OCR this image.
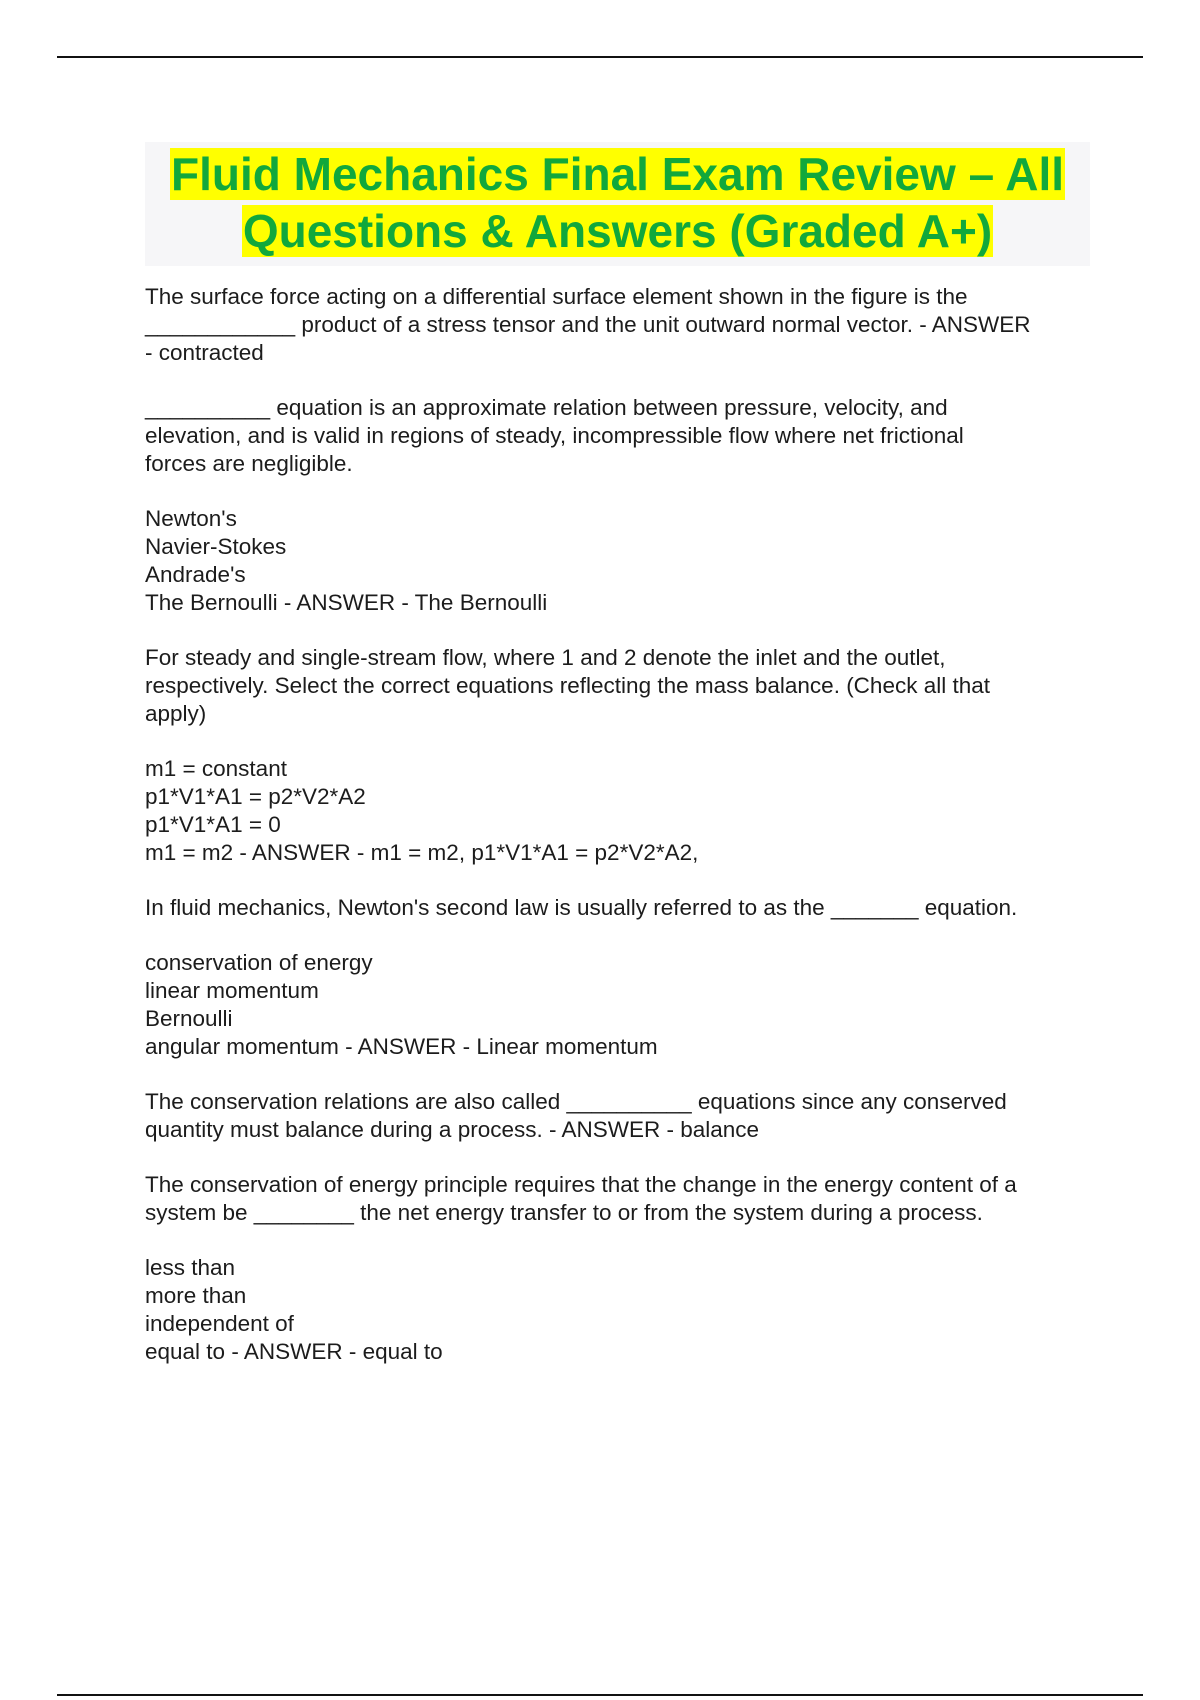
Fluid Mechanics Final Exam Review – All
Questions & Answers (Graded A+)
The surface force acting on a differential surface element shown in the figure is the
____________ product of a stress tensor and the unit outward normal vector. - ANSWER
- contracted
__________ equation is an approximate relation between pressure, velocity, and
elevation, and is valid in regions of steady, incompressible flow where net frictional
forces are negligible.
Newton's
Navier-Stokes
Andrade's
The Bernoulli - ANSWER - The Bernoulli
For steady and single-stream flow, where 1 and 2 denote the inlet and the outlet,
respectively. Select the correct equations reflecting the mass balance. (Check all that
apply)
m1 = constant
p1*V1*A1 = p2*V2*A2
p1*V1*A1 = 0
m1 = m2 - ANSWER - m1 = m2, p1*V1*A1 = p2*V2*A2,
In fluid mechanics, Newton's second law is usually referred to as the _______ equation.
conservation of energy
linear momentum
Bernoulli
angular momentum - ANSWER - Linear momentum
The conservation relations are also called __________ equations since any conserved
quantity must balance during a process. - ANSWER - balance
The conservation of energy principle requires that the change in the energy content of a
system be ________ the net energy transfer to or from the system during a process.
less than
more than
independent of
equal to - ANSWER - equal to
